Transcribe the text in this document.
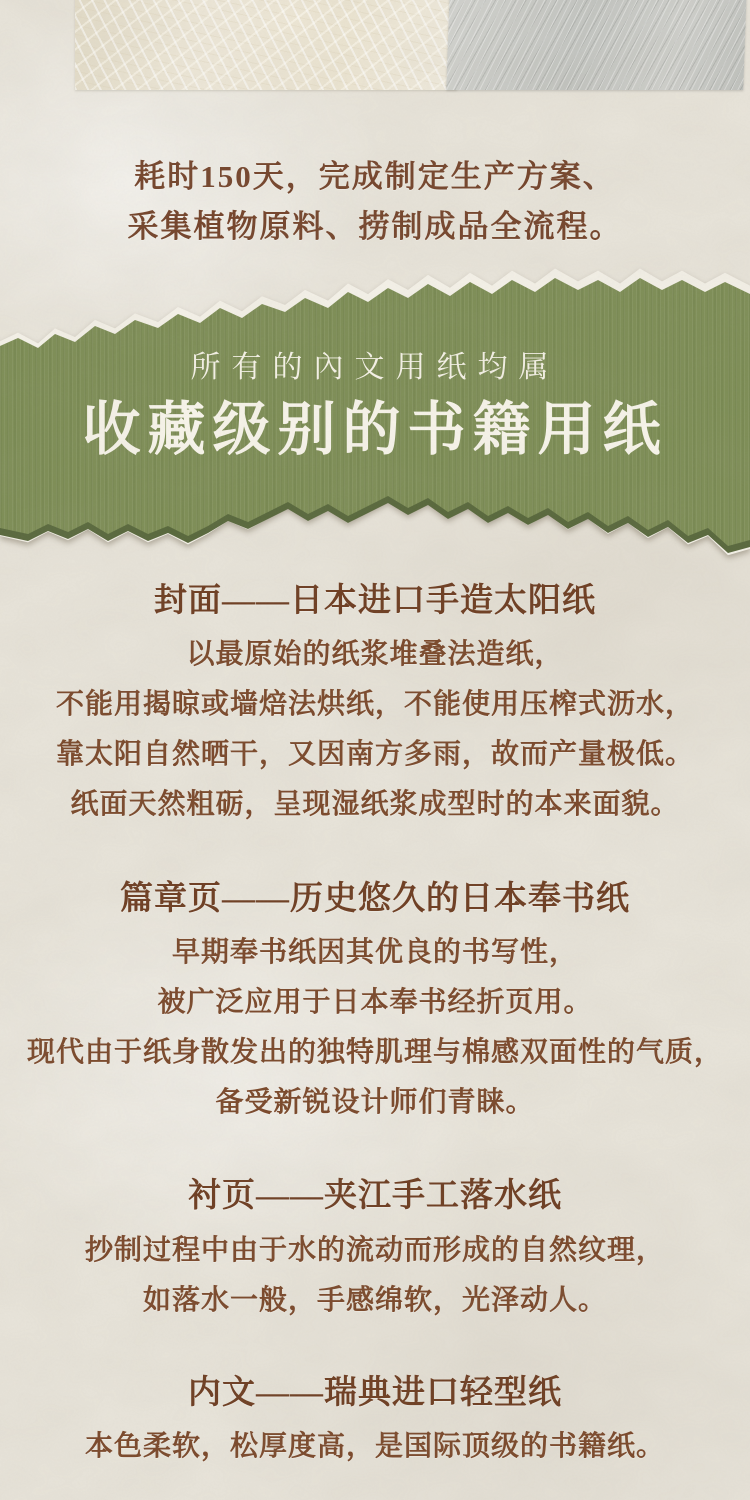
耗时150天，完成制定生产方案、
采集植物原料、捞制成品全流程。
所有的內文用纸均属
收藏级别的书籍用纸
封面——日本进口手造太阳纸
以最原始的纸浆堆叠法造纸，
不能用揭晾或墙焙法烘纸，不能使用压榨式沥水，
靠太阳自然晒干，又因南方多雨，故而产量极低。
纸面天然粗砺，呈现湿纸浆成型时的本来面貌。
篇章页——历史悠久的日本奉书纸
早期奉书纸因其优良的书写性，
被广泛应用于日本奉书经折页用。
现代由于纸身散发出的独特肌理与棉感双面性的气质，
备受新锐设计师们青睐。
衬页——夹江手工落水纸
抄制过程中由于水的流动而形成的自然纹理，
如落水一般，手感绵软，光泽动人。
内文——瑞典进口轻型纸
本色柔软，松厚度高，是国际顶级的书籍纸。
